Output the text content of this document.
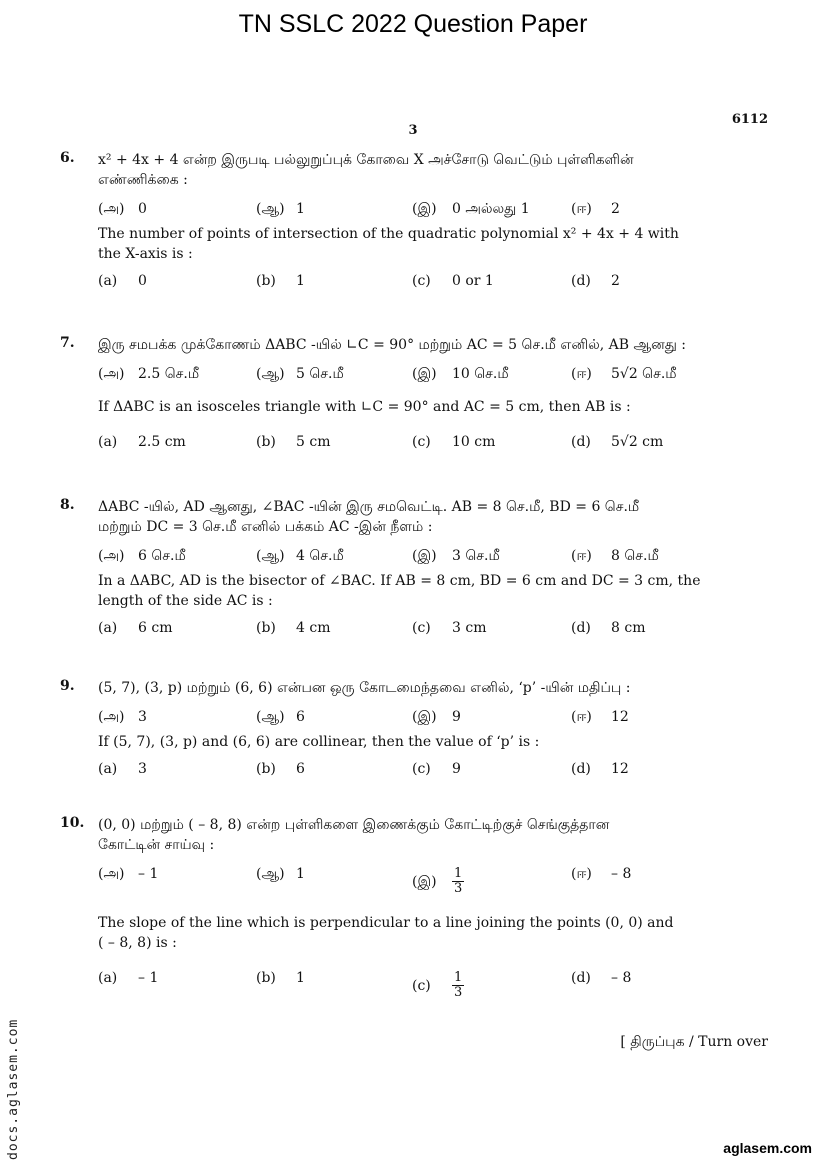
TN SSLC 2022 Question Paper
6112
3
6. x² + 4x + 4 என்ற இருபடி பல்லுறுப்புக் கோவை X அச்சோடு வெட்டும் புள்ளிகளின்
எண்ணிக்கை :
(அ) 0	(ஆ) 1	(இ) 0 அல்லது 1	(ஈ) 2
The number of points of intersection of the quadratic polynomial x² + 4x + 4 with
the X-axis is :
(a) 0	(b) 1	(c) 0 or 1	(d) 2
7. இரு சமபக்க முக்கோணம் ΔABC -யில் ∟C = 90° மற்றும் AC = 5 செ.மீ எனில், AB ஆனது :
(அ) 2.5 செ.மீ	(ஆ) 5 செ.மீ	(இ) 10 செ.மீ	(ஈ) 5√2 செ.மீ
If ΔABC is an isosceles triangle with ∟C = 90° and AC = 5 cm, then AB is :
(a) 2.5 cm	(b) 5 cm	(c) 10 cm	(d) 5√2 cm
8. ΔABC -யில், AD ஆனது, ∠BAC -யின் இரு சமவெட்டி. AB = 8 செ.மீ, BD = 6 செ.மீ
மற்றும் DC = 3 செ.மீ எனில் பக்கம் AC -இன் நீளம் :
(அ) 6 செ.மீ	(ஆ) 4 செ.மீ	(இ) 3 செ.மீ	(ஈ) 8 செ.மீ
In a ΔABC, AD is the bisector of ∠BAC. If AB = 8 cm, BD = 6 cm and DC = 3 cm, the
length of the side AC is :
(a) 6 cm	(b) 4 cm	(c) 3 cm	(d) 8 cm
9. (5, 7), (3, p) மற்றும் (6, 6) என்பன ஒரு கோடமைந்தவை எனில், ‘p’ -யின் மதிப்பு :
(அ) 3	(ஆ) 6	(இ) 9	(ஈ) 12
If (5, 7), (3, p) and (6, 6) are collinear, then the value of ‘p’ is :
(a) 3	(b) 6	(c) 9	(d) 12
10. (0, 0) மற்றும் ( – 8, 8) என்ற புள்ளிகளை இணைக்கும் கோட்டிற்குச் செங்குத்தான
கோட்டின் சாய்வு :
(அ) – 1	(ஆ) 1	(இ) $\frac{1}{3}$	(ஈ) – 8
The slope of the line which is perpendicular to a line joining the points (0, 0) and
( – 8, 8) is :
(a) – 1	(b) 1	$(c) \frac{1}{3}$	(d) – 8
[ திருப்புக / Turn over
docs.aglasem.com	aglasem.com
